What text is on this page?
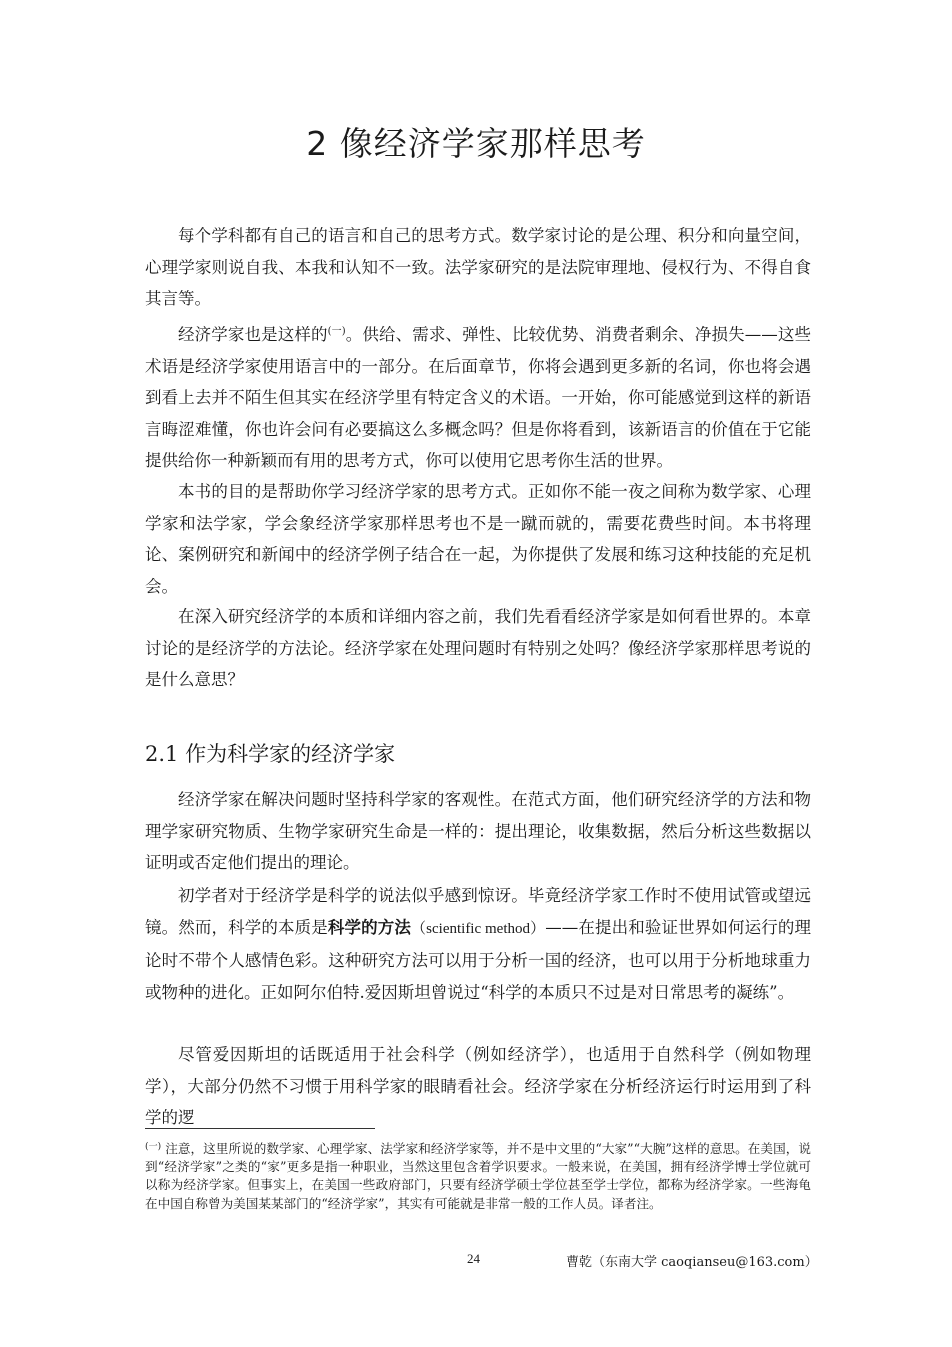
2 像经济学家那样思考

每个学科都有自己的语言和自己的思考方式。数学家讨论的是公理、积分和向量空间，心理学家则说自我、本我和认知不一致。法学家研究的是法院审理地、侵权行为、不得自食其言等。

经济学家也是这样的$^{(一)}$。供给、需求、弹性、比较优势、消费者剩余、净损失——这些术语是经济学家使用语言中的一部分。在后面章节，你将会遇到更多新的名词，你也将会遇到看上去并不陌生但其实在经济学里有特定含义的术语。一开始，你可能感觉到这样的新语言晦涩难懂，你也许会问有必要搞这么多概念吗？但是你将看到，该新语言的价值在于它能提供给你一种新颖而有用的思考方式，你可以使用它思考你生活的世界。

本书的目的是帮助你学习经济学家的思考方式。正如你不能一夜之间称为数学家、心理学家和法学家，学会象经济学家那样思考也不是一蹴而就的，需要花费些时间。本书将理论、案例研究和新闻中的经济学例子结合在一起，为你提供了发展和练习这种技能的充足机会。

在深入研究经济学的本质和详细内容之前，我们先看看经济学家是如何看世界的。本章讨论的是经济学的方法论。经济学家在处理问题时有特别之处吗？像经济学家那样思考说的是什么意思？

2.1 作为科学家的经济学家

经济学家在解决问题时坚持科学家的客观性。在范式方面，他们研究经济学的方法和物理学家研究物质、生物学家研究生命是一样的：提出理论，收集数据，然后分析这些数据以证明或否定他们提出的理论。

初学者对于经济学是科学的说法似乎感到惊讶。毕竟经济学家工作时不使用试管或望远镜。然而，科学的本质是科学的方法（scientific method）——在提出和验证世界如何运行的理论时不带个人感情色彩。这种研究方法可以用于分析一国的经济，也可以用于分析地球重力或物种的进化。正如阿尔伯特.爱因斯坦曾说过“科学的本质只不过是对日常思考的凝练”。

尽管爱因斯坦的话既适用于社会科学（例如经济学），也适用于自然科学（例如物理学），大部分仍然不习惯于用科学家的眼睛看社会。经济学家在分析经济运行时运用到了科学的逻

$^{(一)}$ 注意，这里所说的数学家、心理学家、法学家和经济学家等，并不是中文里的“大家”“大腕”这样的意思。在美国，说到“经济学家”之类的“家”更多是指一种职业，当然这里包含着学识要求。一般来说，在美国，拥有经济学博士学位就可以称为经济学家。但事实上，在美国一些政府部门，只要有经济学硕士学位甚至学士学位，都称为经济学家。一些海龟在中国自称曾为美国某某部门的“经济学家”，其实有可能就是非常一般的工作人员。译者注。

24	曹乾（东南大学 caoqianseu@163.com）
